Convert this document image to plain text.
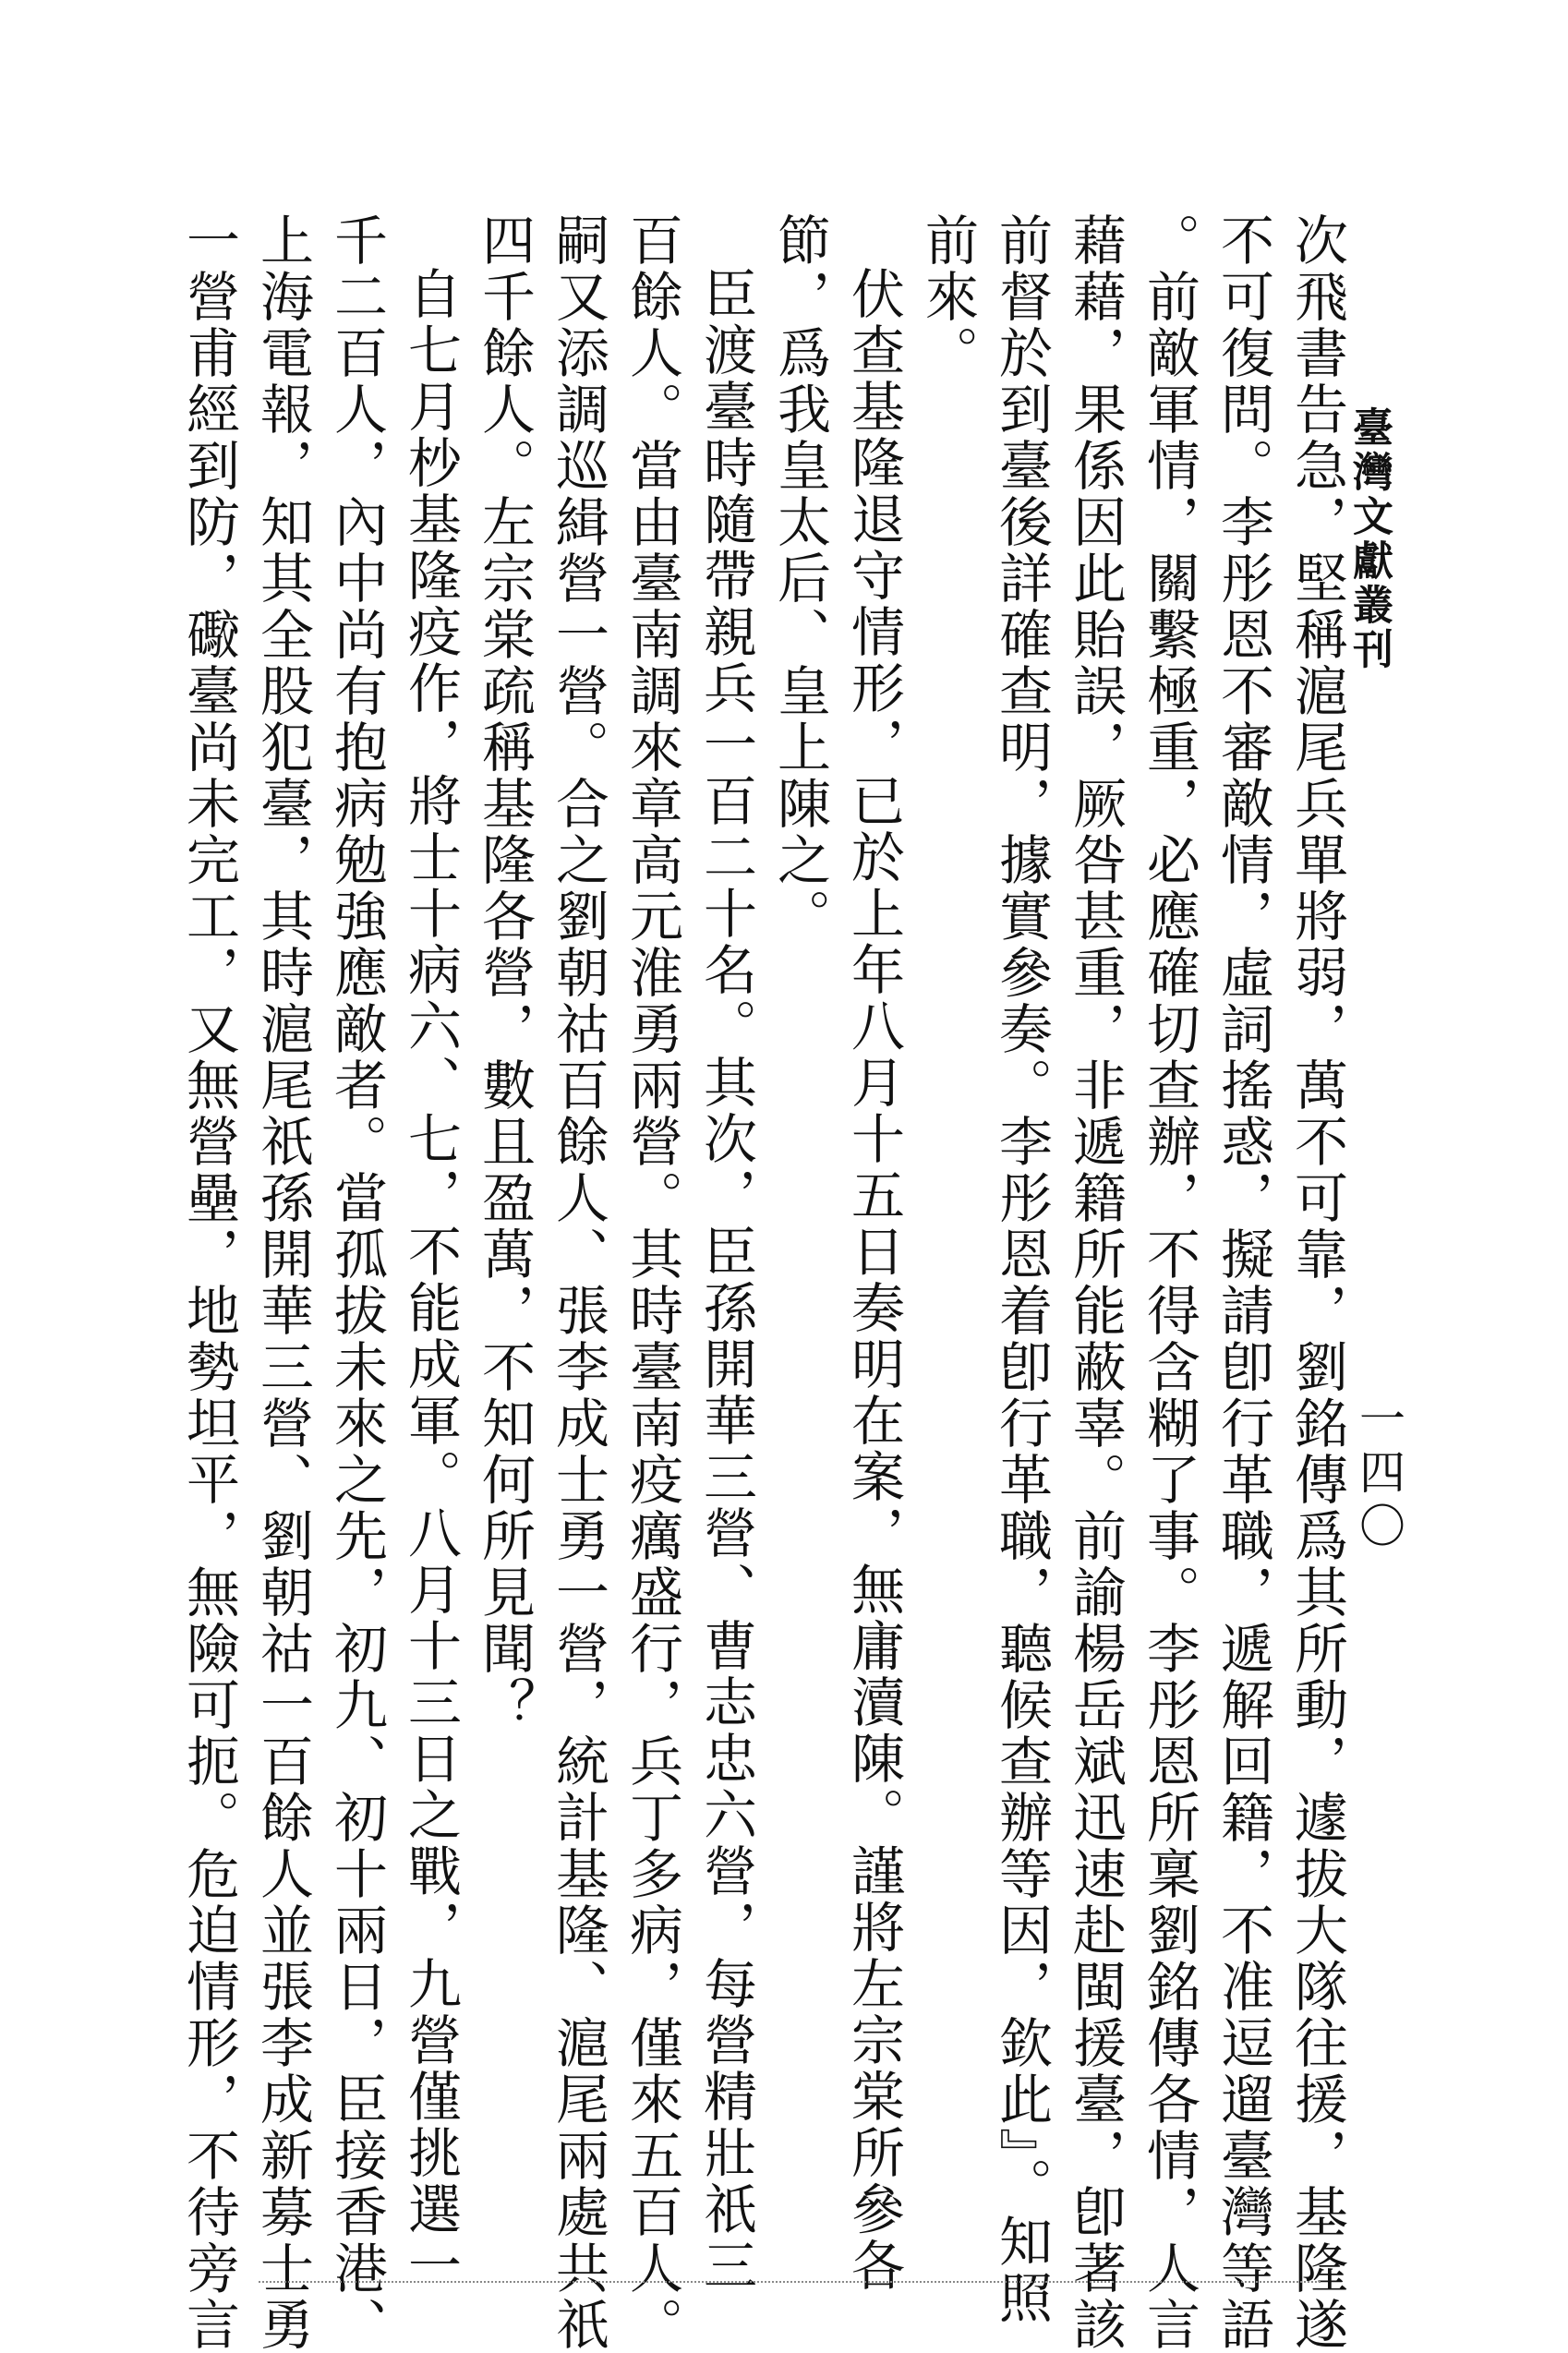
臺灣文獻叢刊
一四〇
次飛書告急，堅稱滬尾兵單將弱，萬不可靠，劉銘傳爲其所動，遽拔大隊往援，基隆遂
不可復問。李彤恩不審敵情，虛詞搖惑，擬請卽行革職，遞解回籍，不准逗遛臺灣等語
。前敵軍情，關繫極重，必應確切查辦，不得含糊了事。李彤恩所稟劉銘傳各情，人言
藉藉，果係因此貽誤，厥咎甚重，非遞籍所能蔽辜。前諭楊岳斌迅速赴閩援臺，卽著該
前督於到臺後詳確查明，據實參奏。李彤恩着卽行革職，聽候查辦等因，欽此』。知照
前來。
伏查基隆退守情形，已於上年八月十五日奏明在案，無庸瀆陳。謹將左宗棠所參各
節，爲我皇太后、皇上陳之。
臣渡臺時隨帶親兵一百二十名。其次，臣孫開華三營、曹志忠六營，每營精壯祇三
百餘人。當由臺南調來章高元淮勇兩營。其時臺南疫癘盛行，兵丁多病，僅來五百人。
嗣又添調巡緝營一營。合之劉朝祜百餘人、張李成士勇一營，統計基隆、滬尾兩處共祇
四千餘人。左宗棠疏稱基隆各營，數且盈萬，不知何所見聞？
自七月杪基隆疫作，將士十病六、七，不能成軍。八月十三日之戰，九營僅挑選一
千二百人，內中尚有抱病勉強應敵者。當孤拔未來之先，初九、初十兩日，臣接香港、
上海電報，知其全股犯臺，其時滬尾祇孫開華三營、劉朝祜一百餘人並張李成新募士勇
一營甫經到防，礮臺尚未完工，又無營壘，地勢坦平，無險可扼。危迫情形，不待旁言
